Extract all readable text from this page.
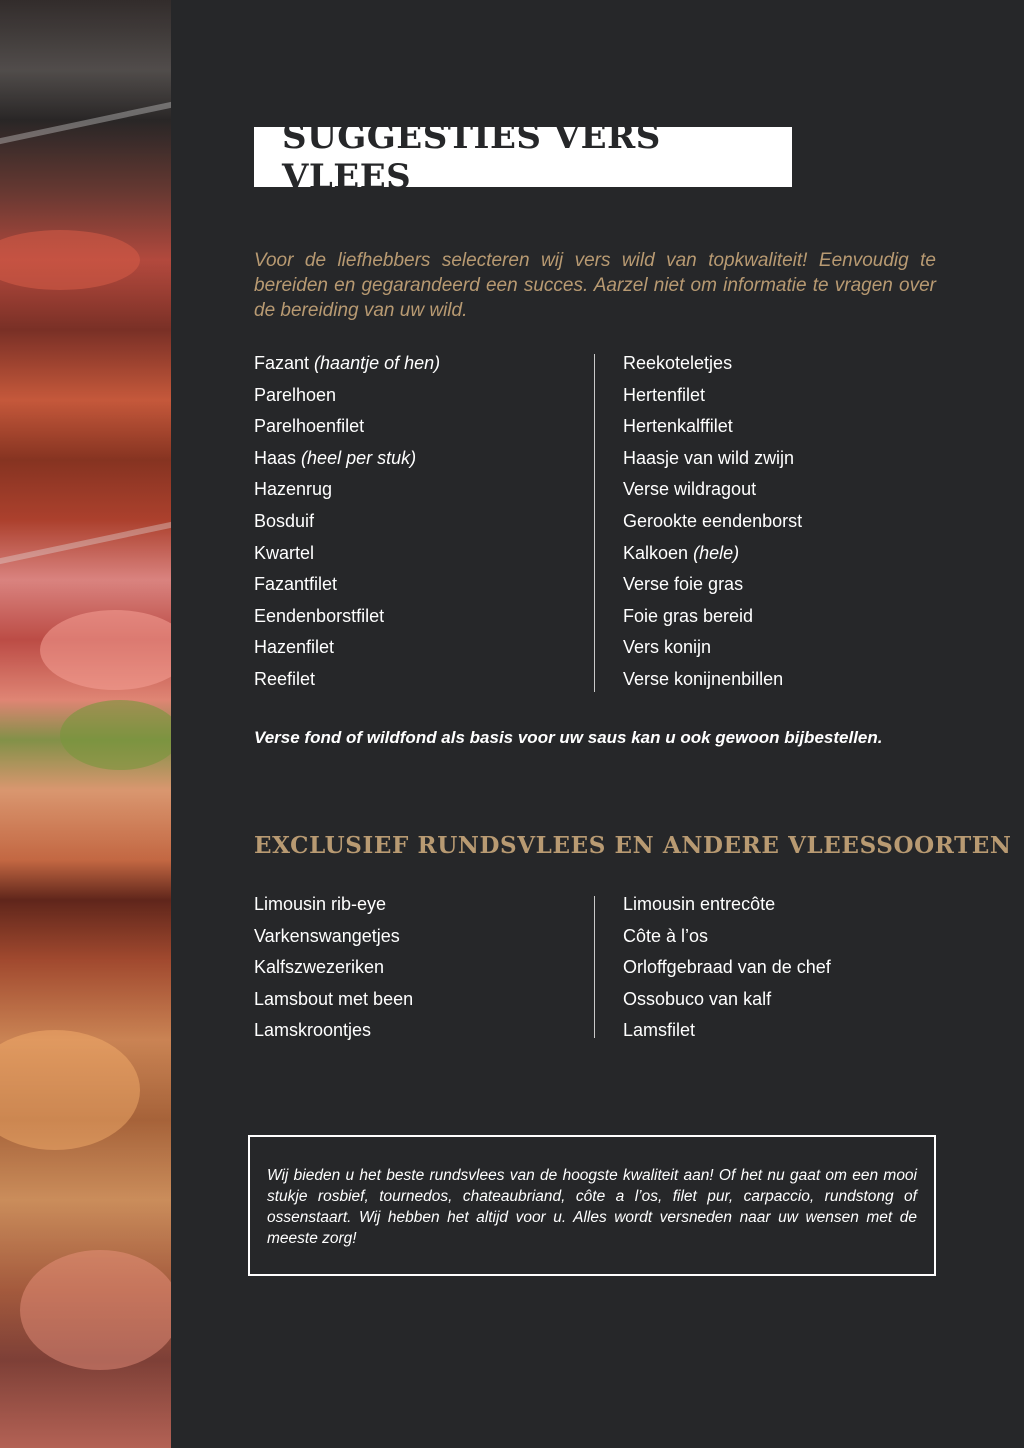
SUGGESTIES VERS VLEES

Voor de liefhebbers selecteren wij vers wild van topkwaliteit! Eenvoudig te bereiden en gegarandeerd een succes. Aarzel niet om informatie te vragen over de bereiding van uw wild.

Fazant (haantje of hen)
Parelhoen
Parelhoenfilet
Haas (heel per stuk)
Hazenrug
Bosduif
Kwartel
Fazantfilet
Eendenborstfilet
Hazenfilet
Reefilet
Reekoteletjes
Hertenfilet
Hertenkalffilet
Haasje van wild zwijn
Verse wildragout
Gerookte eendenborst
Kalkoen (hele)
Verse foie gras
Foie gras bereid
Vers konijn
Verse konijnenbillen

Verse fond of wildfond als basis voor uw saus kan u ook gewoon bijbestellen.

EXCLUSIEF RUNDSVLEES EN ANDERE VLEESSOORTEN
Limousin rib-eye
Varkenswangetjes
Kalfszwezeriken
Lamsbout met been
Lamskroontjes
Limousin entrecôte
Côte à l’os
Orloffgebraad van de chef
Ossobuco van kalf
Lamsfilet

Wij bieden u het beste rundsvlees van de hoogste kwaliteit aan! Of het nu gaat om een mooi stukje rosbief, tournedos, chateaubriand, côte a l’os, filet pur, carpaccio, rundstong of ossenstaart. Wij hebben het altijd voor u. Alles wordt versneden naar uw wensen met de meeste zorg!
